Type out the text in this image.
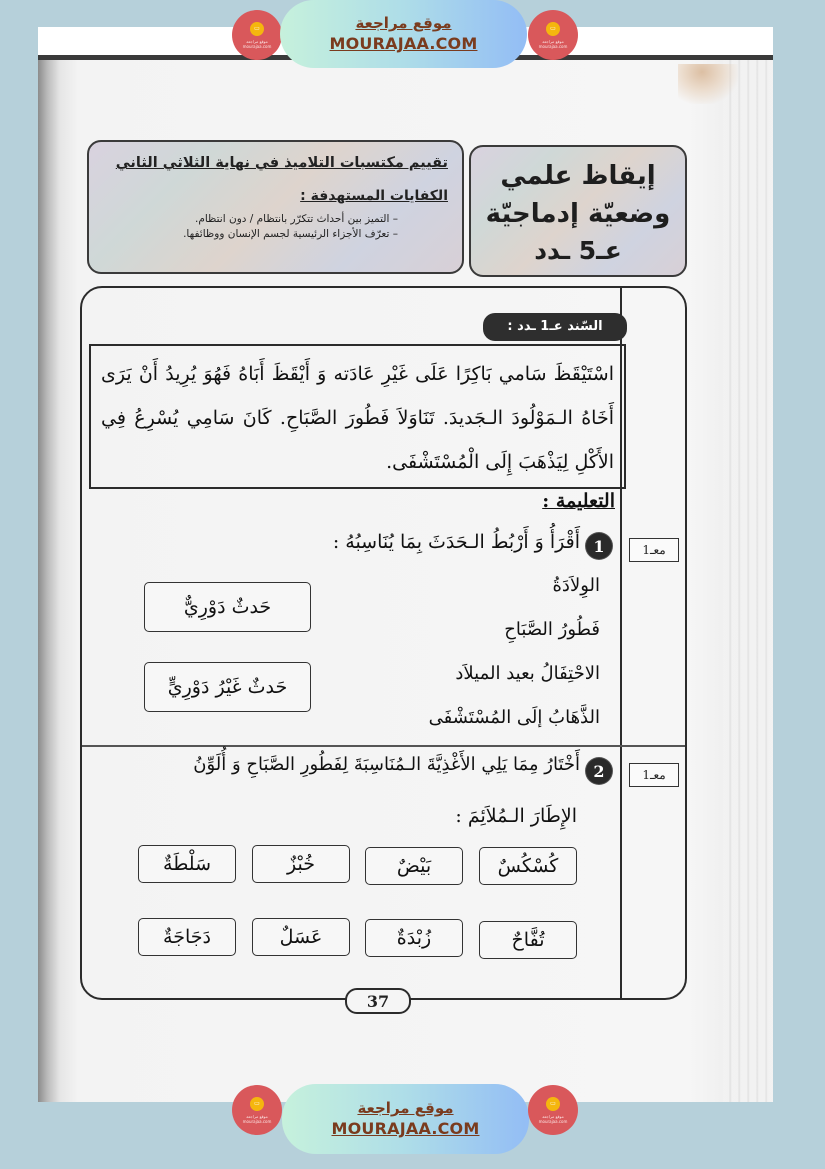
▭
موقع مراجعة mourajaa.com
موقع مراجعة
MOURAJAA.COM
▭
موقع مراجعة mourajaa.com
إيقاظ علمي
وضعيّة إدماجيّة
عـ5 ـدد
تقييم مكتسبات التلاميذ في نهاية الثلاثي الثاني
الكفايات المستهدفة :
– التميز بين أحداث تتكرّر بانتظام / دون انتظام.
– تعرّف الأجزاء الرئيسية لجسم الإنسان ووظائفها.
السّند عـ1 ـدد :
اسْتَيْقَظَ سَامي بَاكِرًا عَلَى غَيْرِ عَادَته وَ أَيْقَظَ أَبَاهُ فَهُوَ يُرِيدُ أَنْ يَرَى أَخَاهُ الـمَوْلُودَ الـجَديدَ. تَنَاوَلاَ فَطُورَ الصَّبَاحِ. كَانَ سَامِي يُسْرِعُ فِي الأَكْلِ لِيَذْهَبَ إِلَى الْمُسْتَشْفَى.
التعليمة :
معـ1
1
أَقْرَأُ وَ أَرْبُطُ الـحَدَثَ بِمَا يُنَاسِبُهُ :
الوِلاَدَةُ
فَطُورُ الصَّبَاحِ
الاحْتِفَالُ بعيد الميلاَد
الذَّهَابُ إلَى المُسْتَشْفَى
حَدثٌ دَوْرِيٌّ
حَدثٌ غَيْرُ دَوْرِيٍّ
معـ1
2
أَخْتَارُ مِمَا يَلِي الأَغْذِيَّةَ الـمُنَاسِبَةَ لِفَطُورِ الصَّبَاحِ وَ أُلَوِّنُ
الإِطَارَ الـمُلاَئِمَ :
كُسْكُسٌ
بَيْضٌ
خُبْزٌ
سَلْطَةٌ
تُفَّاحٌ
زُبْدَةٌ
عَسَلٌ
دَجَاجَةٌ
37
▭
موقع مراجعة mourajaa.com
موقع مراجعة
MOURAJAA.COM
▭
موقع مراجعة mourajaa.com
